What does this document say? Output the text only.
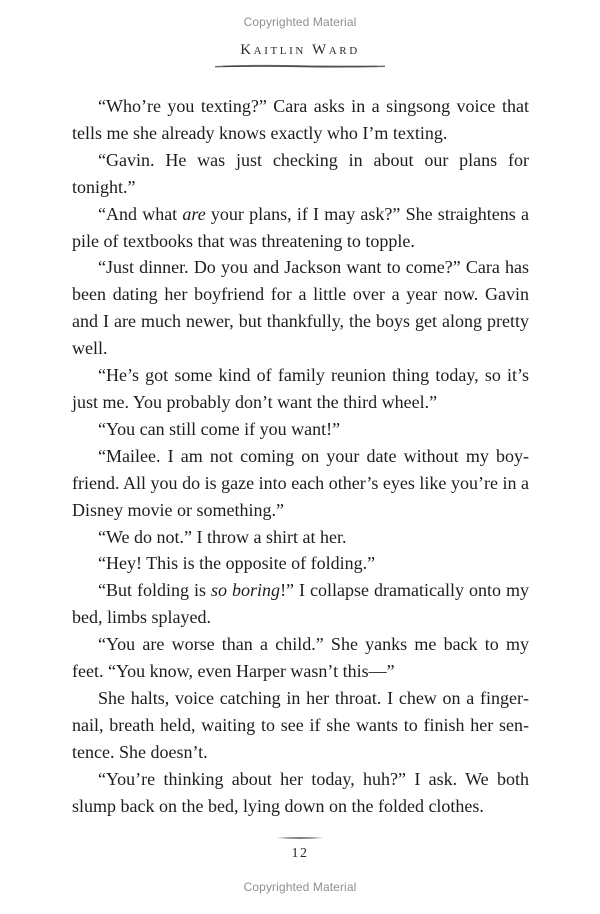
Copyrighted Material
Kaitlin Ward

“Who’re you texting?” Cara asks in a singsong voice that tells me she already knows exactly who I’m texting.

“Gavin. He was just checking in about our plans for tonight.”

“And what are your plans, if I may ask?” She straightens a pile of textbooks that was threatening to topple.

“Just dinner. Do you and Jackson want to come?” Cara has been dating her boyfriend for a little over a year now. Gavin and I are much newer, but thankfully, the boys get along pretty well.

“He’s got some kind of family reunion thing today, so it’s just me. You probably don’t want the third wheel.”

“You can still come if you want!”

“Mailee. I am not coming on your date without my boyfriend. All you do is gaze into each other’s eyes like you’re in a Disney movie or something.”

“We do not.” I throw a shirt at her.

“Hey! This is the opposite of folding.”

“But folding is so boring!” I collapse dramatically onto my bed, limbs splayed.

“You are worse than a child.” She yanks me back to my feet. “You know, even Harper wasn’t this—”

She halts, voice catching in her throat. I chew on a fingernail, breath held, waiting to see if she wants to finish her sentence. She doesn’t.

“You’re thinking about her today, huh?” I ask. We both slump back on the bed, lying down on the folded clothes.

12
Copyrighted Material
